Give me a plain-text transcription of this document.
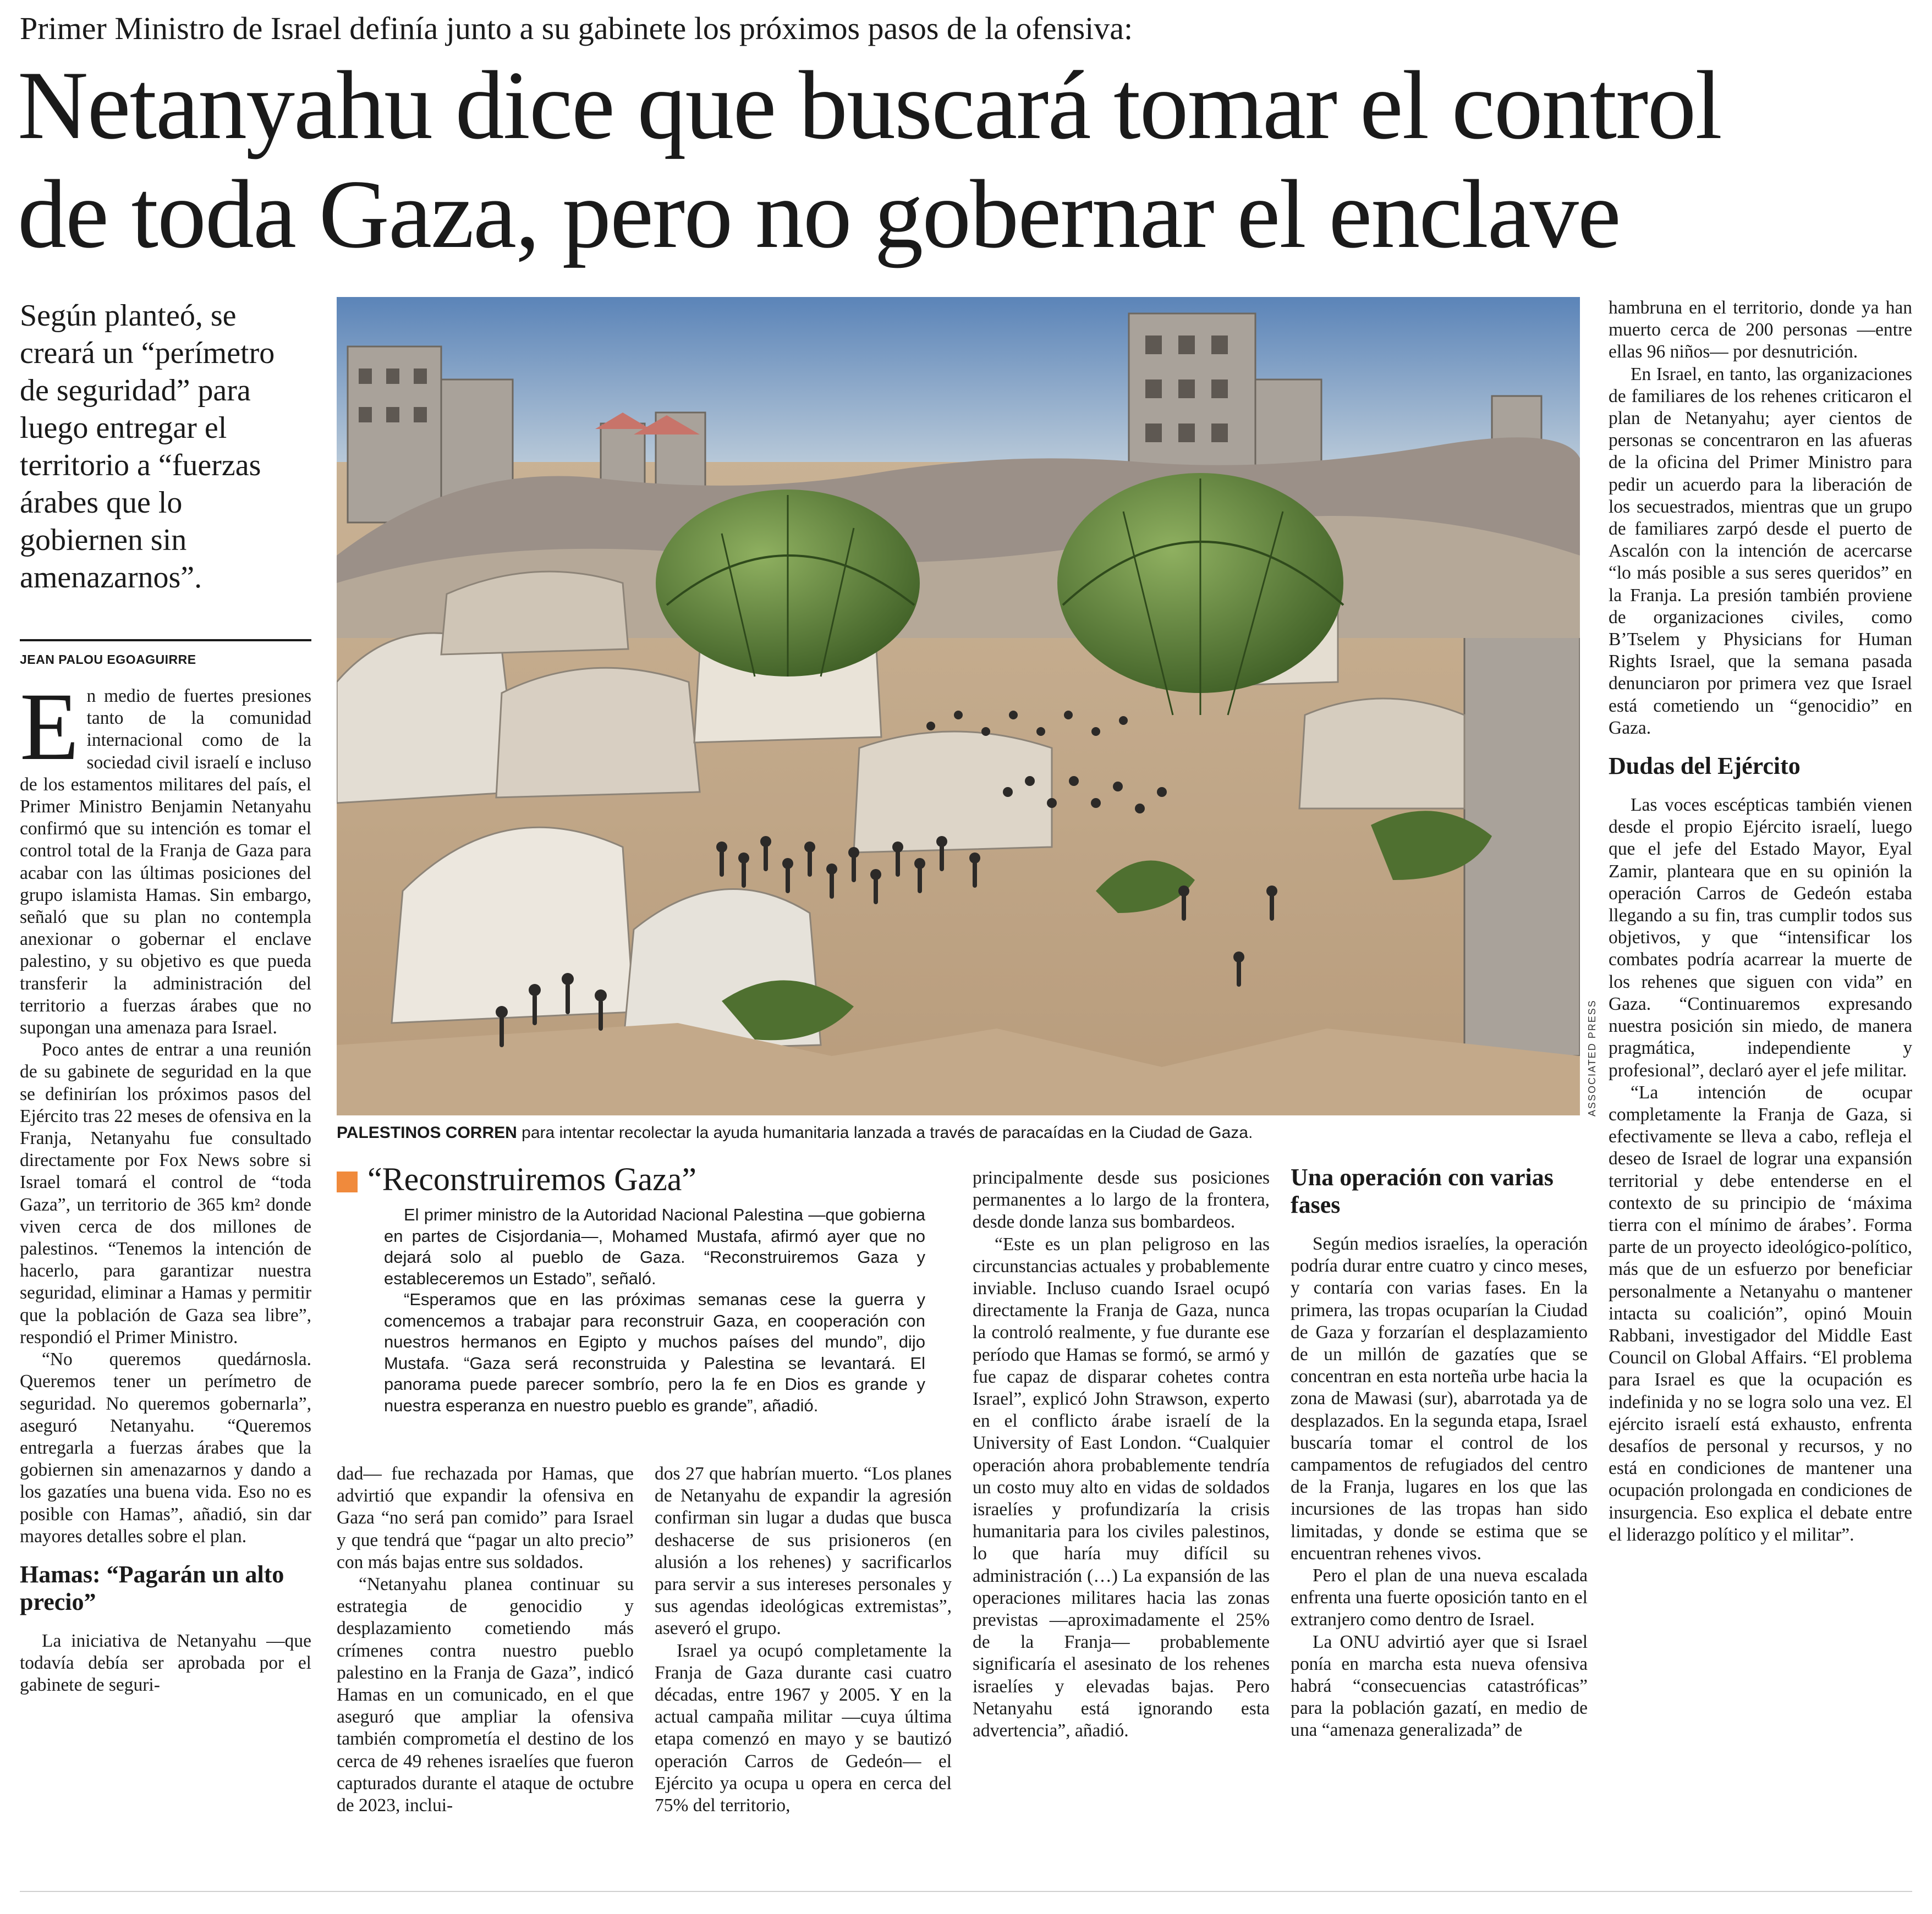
Primer Ministro de Israel definía junto a su gabinete los próximos pasos de la ofensiva:
Netanyahu dice que buscará tomar el control
de toda Gaza, pero no gobernar el enclave
Según planteó, se creará un “perímetro de seguridad” para luego entregar el territorio a “fuerzas árabes que lo gobiernen sin amenazarnos”.
JEAN PALOU EGOAGUIRRE

En medio de fuertes presiones tanto de la comunidad internacional como de la sociedad civil israelí e incluso de los estamentos militares del país, el Primer Ministro Benjamin Netanyahu confirmó que su intención es tomar el control total de la Franja de Gaza para acabar con las últimas posiciones del grupo islamista Hamas. Sin embargo, señaló que su plan no contempla anexionar o gobernar el enclave palestino, y su objetivo es que pueda transferir la administración del territorio a fuerzas árabes que no supongan una amenaza para Israel.

Poco antes de entrar a una reunión de su gabinete de seguridad en la que se definirían los próximos pasos del Ejército tras 22 meses de ofensiva en la Franja, Netanyahu fue consultado directamente por Fox News sobre si Israel tomará el control de “toda Gaza”, un territorio de 365 km² donde viven cerca de dos millones de palestinos. “Tenemos la intención de hacerlo, para garantizar nuestra seguridad, eliminar a Hamas y permitir que la población de Gaza sea libre”, respondió el Primer Ministro.

“No queremos quedárnosla. Queremos tener un perímetro de seguridad. No queremos gobernarla”, aseguró Netanyahu. “Queremos entregarla a fuerzas árabes que la gobiernen sin amenazarnos y dando a los gazatíes una buena vida. Eso no es posible con Hamas”, añadió, sin dar mayores detalles sobre el plan.

Hamas: “Pagarán un alto precio”

La iniciativa de Netanyahu —que todavía debía ser aprobada por el gabinete de seguri-

ASSOCIATED PRESS
PALESTINOS CORREN para intentar recolectar la ayuda humanitaria lanzada a través de paracaídas en la Ciudad de Gaza.
“Reconstruiremos Gaza”

El primer ministro de la Autoridad Nacional Palestina —que gobierna en partes de Cisjordania—, Mohamed Mustafa, afirmó ayer que no dejará solo al pueblo de Gaza. “Reconstruiremos Gaza y estableceremos un Estado”, señaló.

“Esperamos que en las próximas semanas cese la guerra y comencemos a trabajar para reconstruir Gaza, en cooperación con nuestros hermanos en Egipto y muchos países del mundo”, dijo Mustafa. “Gaza será reconstruida y Palestina se levantará. El panorama puede parecer sombrío, pero la fe en Dios es grande y nuestra esperanza en nuestro pueblo es grande”, añadió.

dad— fue rechazada por Hamas, que advirtió que expandir la ofensiva en Gaza “no será pan comido” para Israel y que tendrá que “pagar un alto precio” con más bajas entre sus soldados.

“Netanyahu planea continuar su estrategia de genocidio y desplazamiento cometiendo más crímenes contra nuestro pueblo palestino en la Franja de Gaza”, indicó Hamas en un comunicado, en el que aseguró que ampliar la ofensiva también comprometía el destino de los cerca de 49 rehenes israelíes que fueron capturados durante el ataque de octubre de 2023, inclui-

dos 27 que habrían muerto. “Los planes de Netanyahu de expandir la agresión confirman sin lugar a dudas que busca deshacerse de sus prisioneros (en alusión a los rehenes) y sacrificarlos para servir a sus intereses personales y sus agendas ideológicas extremistas”, aseveró el grupo.

Israel ya ocupó completamente la Franja de Gaza durante casi cuatro décadas, entre 1967 y 2005. Y en la actual campaña militar —cuya última etapa comenzó en mayo y se bautizó operación Carros de Gedeón— el Ejército ya ocupa u opera en cerca del 75% del territorio,

principalmente desde sus posiciones permanentes a lo largo de la frontera, desde donde lanza sus bombardeos.

“Este es un plan peligroso en las circunstancias actuales y probablemente inviable. Incluso cuando Israel ocupó directamente la Franja de Gaza, nunca la controló realmente, y fue durante ese período que Hamas se formó, se armó y fue capaz de disparar cohetes contra Israel”, explicó John Strawson, experto en el conflicto árabe israelí de la University of East London. “Cualquier operación ahora probablemente tendría un costo muy alto en vidas de soldados israelíes y profundizaría la crisis humanitaria para los civiles palestinos, lo que haría muy difícil su administración (…) La expansión de las operaciones militares hacia las zonas previstas —aproximadamente el 25% de la Franja— probablemente significaría el asesinato de los rehenes israelíes y elevadas bajas. Pero Netanyahu está ignorando esta advertencia”, añadió.

Una operación con varias fases

Según medios israelíes, la operación podría durar entre cuatro y cinco meses, y contaría con varias fases. En la primera, las tropas ocuparían la Ciudad de Gaza y forzarían el desplazamiento de un millón de gazatíes que se concentran en esta norteña urbe hacia la zona de Mawasi (sur), abarrotada ya de desplazados. En la segunda etapa, Israel buscaría tomar el control de los campamentos de refugiados del centro de la Franja, lugares en los que las incursiones de las tropas han sido limitadas, y donde se estima que se encuentran rehenes vivos.

Pero el plan de una nueva escalada enfrenta una fuerte oposición tanto en el extranjero como dentro de Israel.

La ONU advirtió ayer que si Israel ponía en marcha esta nueva ofensiva habrá “consecuencias catastróficas” para la población gazatí, en medio de una “amenaza generalizada” de

hambruna en el territorio, donde ya han muerto cerca de 200 personas —entre ellas 96 niños— por desnutrición.

En Israel, en tanto, las organizaciones de familiares de los rehenes criticaron el plan de Netanyahu; ayer cientos de personas se concentraron en las afueras de la oficina del Primer Ministro para pedir un acuerdo para la liberación de los secuestrados, mientras que un grupo de familiares zarpó desde el puerto de Ascalón con la intención de acercarse “lo más posible a sus seres queridos” en la Franja. La presión también proviene de organizaciones civiles, como B’Tselem y Physicians for Human Rights Israel, que la semana pasada denunciaron por primera vez que Israel está cometiendo un “genocidio” en Gaza.

Dudas del Ejército

Las voces escépticas también vienen desde el propio Ejército israelí, luego que el jefe del Estado Mayor, Eyal Zamir, planteara que en su opinión la operación Carros de Gedeón estaba llegando a su fin, tras cumplir todos sus objetivos, y que “intensificar los combates podría acarrear la muerte de los rehenes que siguen con vida” en Gaza. “Continuaremos expresando nuestra posición sin miedo, de manera pragmática, independiente y profesional”, declaró ayer el jefe militar.

“La intención de ocupar completamente la Franja de Gaza, si efectivamente se lleva a cabo, refleja el deseo de Israel de lograr una expansión territorial y debe entenderse en el contexto de su principio de ‘máxima tierra con el mínimo de árabes’. Forma parte de un proyecto ideológico-político, más que de un esfuerzo por beneficiar personalmente a Netanyahu o mantener intacta su coalición”, opinó Mouin Rabbani, investigador del Middle East Council on Global Affairs. “El problema para Israel es que la ocupación es indefinida y no se logra solo una vez. El ejército israelí está exhausto, enfrenta desafíos de personal y recursos, y no está en condiciones de mantener una ocupación prolongada en condiciones de insurgencia. Eso explica el debate entre el liderazgo político y el militar”.
